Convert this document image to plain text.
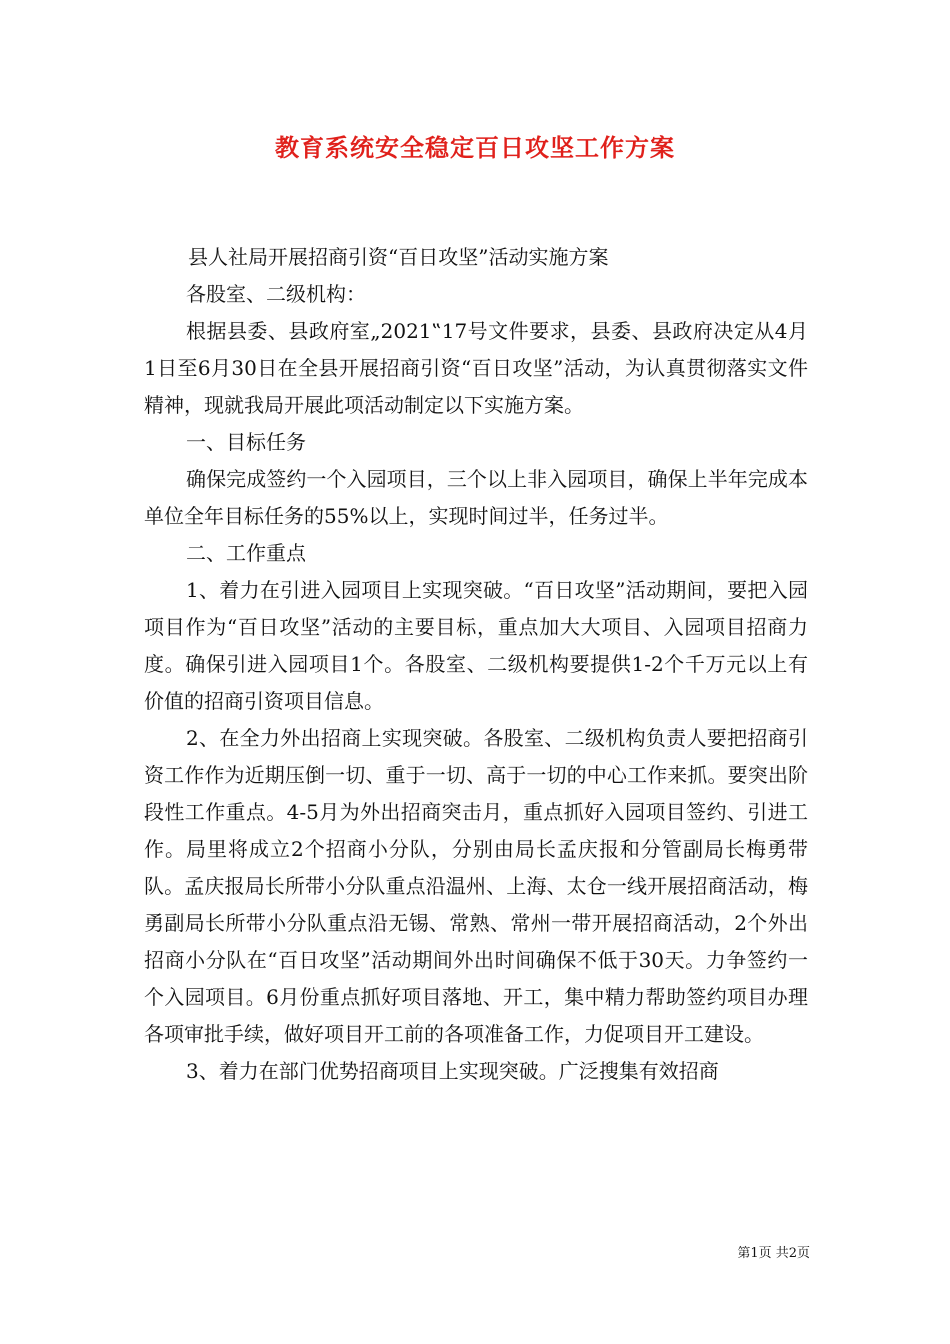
教育系统安全稳定百日攻坚工作方案

县人社局开展招商引资“百日攻坚”活动实施方案

各股室、二级机构：

根据县委、县政府室„2021‟17号文件要求，县委、县政府决定从4月1日至6月30日在全县开展招商引资“百日攻坚”活动，为认真贯彻落实文件精神，现就我局开展此项活动制定以下实施方案。

一、目标任务

确保完成签约一个入园项目，三个以上非入园项目，确保上半年完成本单位全年目标任务的55%以上，实现时间过半，任务过半。

二、工作重点

1、着力在引进入园项目上实现突破。“百日攻坚”活动期间，要把入园项目作为“百日攻坚”活动的主要目标，重点加大大项目、入园项目招商力度。确保引进入园项目1个。各股室、二级机构要提供1-2个千万元以上有价值的招商引资项目信息。

2、在全力外出招商上实现突破。各股室、二级机构负责人要把招商引资工作作为近期压倒一切、重于一切、高于一切的中心工作来抓。要突出阶段性工作重点。4-5月为外出招商突击月，重点抓好入园项目签约、引进工作。局里将成立2个招商小分队，分别由局长孟庆报和分管副局长梅勇带队。孟庆报局长所带小分队重点沿温州、上海、太仓一线开展招商活动，梅勇副局长所带小分队重点沿无锡、常熟、常州一带开展招商活动，2个外出招商小分队在“百日攻坚”活动期间外出时间确保不低于30天。力争签约一个入园项目。6月份重点抓好项目落地、开工，集中精力帮助签约项目办理各项审批手续，做好项目开工前的各项准备工作，力促项目开工建设。

3、着力在部门优势招商项目上实现突破。广泛搜集有效招商

第1页 共2页
